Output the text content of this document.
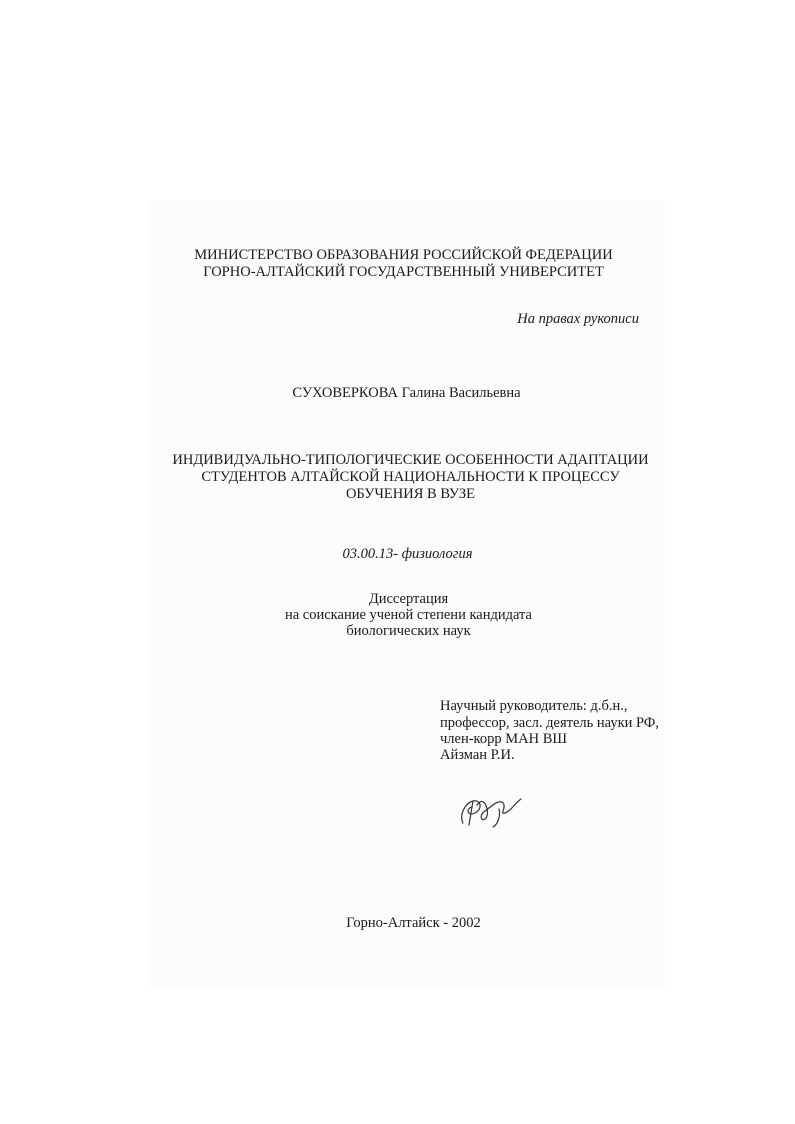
МИНИСТЕРСТВО ОБРАЗОВАНИЯ РОССИЙСКОЙ ФЕДЕРАЦИИ
ГОРНО-АЛТАЙСКИЙ ГОСУДАРСТВЕННЫЙ УНИВЕРСИТЕТ
На правах рукописи
СУХОВЕРКОВА Галина Васильевна
ИНДИВИДУАЛЬНО-ТИПОЛОГИЧЕСКИЕ ОСОБЕННОСТИ АДАПТАЦИИ
СТУДЕНТОВ АЛТАЙСКОЙ НАЦИОНАЛЬНОСТИ К ПРОЦЕССУ
ОБУЧЕНИЯ В ВУЗЕ
03.00.13- физиология
Диссертация
на соискание ученой степени кандидата
биологических наук
Научный руководитель: д.б.н.,
профессор, засл. деятель науки РФ,
член-корр МАН ВШ
Айзман Р.И.
Горно-Алтайск - 2002
